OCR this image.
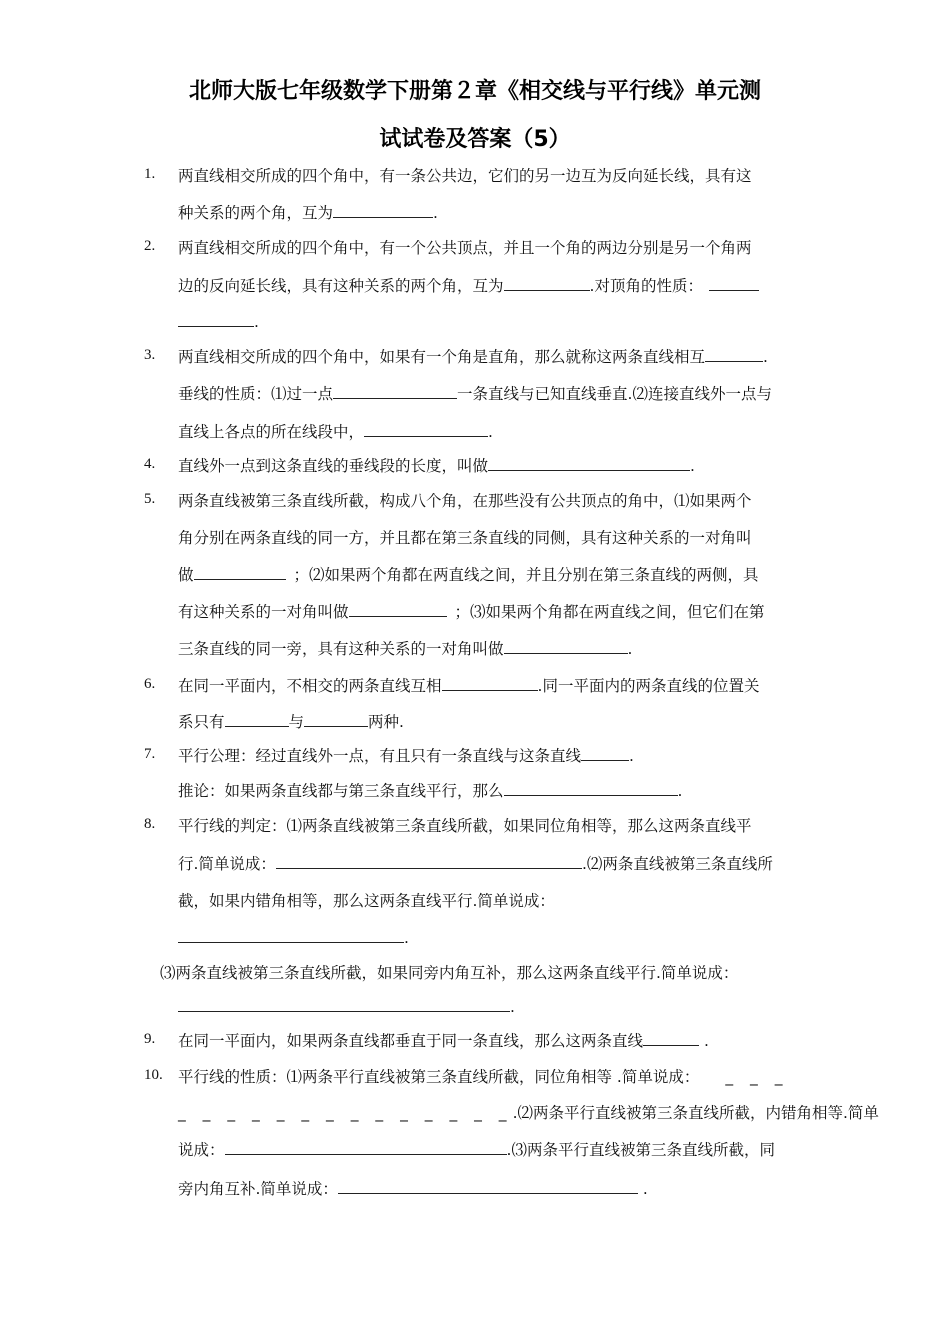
北师大版七年级数学下册第２章《相交线与平行线》单元测
试试卷及答案（5）
1.	两直线相交所成的四个角中，有一条公共边，它们的另一边互为反向延长线，具有这
种关系的两个角，互为	.
2.	两直线相交所成的四个角中，有一个公共顶点，并且一个角的两边分别是另一个角两
边的反向延长线，具有这种关系的两个角，互为	.对顶角的性质：
.
3.	两直线相交所成的四个角中，如果有一个角是直角，那么就称这两条直线相互	.
垂线的性质：⑴过一点	一条直线与已知直线垂直.⑵连接直线外一点与
直线上各点的所在线段中，	.
4.	直线外一点到这条直线的垂线段的长度，叫做	.
5.	两条直线被第三条直线所截，构成八个角，在那些没有公共顶点的角中，⑴如果两个
角分别在两条直线的同一方，并且都在第三条直线的同侧，具有这种关系的一对角叫
做	；⑵如果两个角都在两直线之间，并且分别在第三条直线的两侧，具
有这种关系的一对角叫做	；⑶如果两个角都在两直线之间，但它们在第
三条直线的同一旁，具有这种关系的一对角叫做	.
6.	在同一平面内，不相交的两条直线互相	.同一平面内的两条直线的位置关
系只有	与	两种.
7.	平行公理：经过直线外一点，有且只有一条直线与这条直线	.
推论：如果两条直线都与第三条直线平行，那么	.
8.	平行线的判定：⑴两条直线被第三条直线所截，如果同位角相等，那么这两条直线平
行.简单说成：	.⑵两条直线被第三条直线所
截，如果内错角相等，那么这两条直线平行.简单说成：
.
⑶两条直线被第三条直线所截，如果同旁内角互补，那么这两条直线平行.简单说成：
.
9.	在同一平面内，如果两条直线都垂直于同一条直线，那么这两条直线	.
10. 平行线的性质：⑴两条平行直线被第三条直线所截，同位角相等 .简单说成： _ _ _
_ _ _ _ _ _ _ _ _ _ _ _ _ _.⑵两条平行直线被第三条直线所截，内错角相等.简单
说成：	.⑶两条平行直线被第三条直线所截，同
旁内角互补.简单说成：	.
